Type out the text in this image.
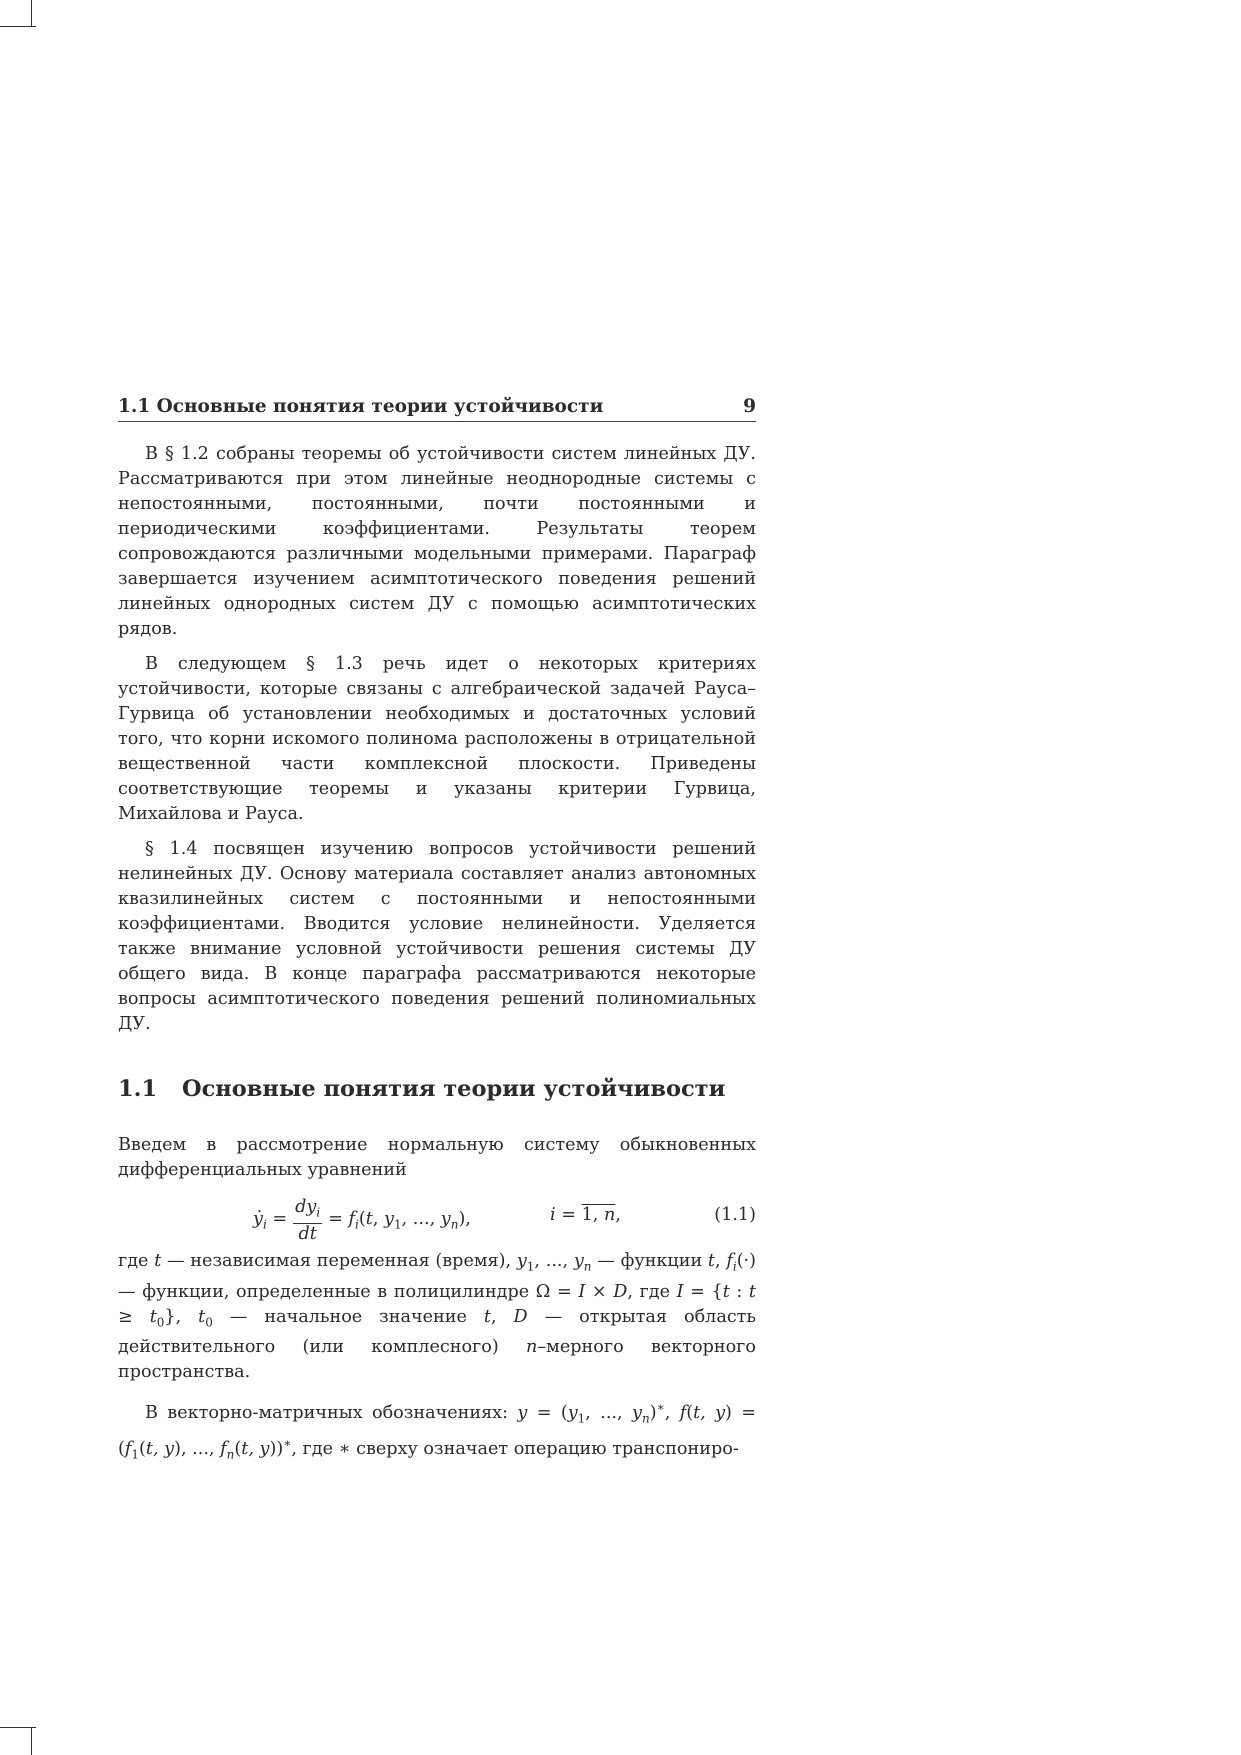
1.1 Основные понятия теории устойчивости	9

В § 1.2 собраны теоремы об устойчивости систем линейных ДУ. Рассматриваются при этом линейные неоднородные системы с непостоянными, постоянными, почти постоянными и периодическими коэффициентами. Результаты теорем сопровождаются различными модельными примерами. Параграф завершается изучением асимптотического поведения решений линейных однородных систем ДУ с помощью асимптотических рядов.

В следующем § 1.3 речь идет о некоторых критериях устойчивости, которые связаны с алгебраической задачей Рауса–Гурвица об установлении необходимых и достаточных условий того, что корни искомого полинома расположены в отрицательной вещественной части комплексной плоскости. Приведены соответствующие теоремы и указаны критерии Гурвица, Михайлова и Рауса.

§ 1.4 посвящен изучению вопросов устойчивости решений нелинейных ДУ. Основу материала составляет анализ автономных квазилинейных систем с постоянными и непостоянными коэффициентами. Вводится условие нелинейности. Уделяется также внимание условной устойчивости решения системы ДУ общего вида. В конце параграфа рассматриваются некоторые вопросы асимптотического поведения решений полиномиальных ДУ.

1.1	Основные понятия теории устойчивости

Введем в рассмотрение нормальную систему обыкновенных дифференциальных уравнений

ẏ$_i$ = $\frac{dy_i}{dt} = f_i(t$, $y_1$, ..., $y_n$),	i = 1, n,	(1.1)

где t — независимая переменная (время), $y_1$, ..., $y_n$ — функции t, $f_i(\cdot)$ — функции, определенные в полицилиндре Ω = I × D, где I = {t : $t \ge t_0$}, $t_0$ — начальное значение t, D — открытая область действительного (или комплесного) n–мерного векторного пространства.

В векторно-матричных обозначениях: $y = (y_1$, ..., $y_n)^∗$, f(t, $y) = (f_1(t$, y), ..., $f_n(t$, y))∗, где ∗ сверху означает операцию транспониро-
